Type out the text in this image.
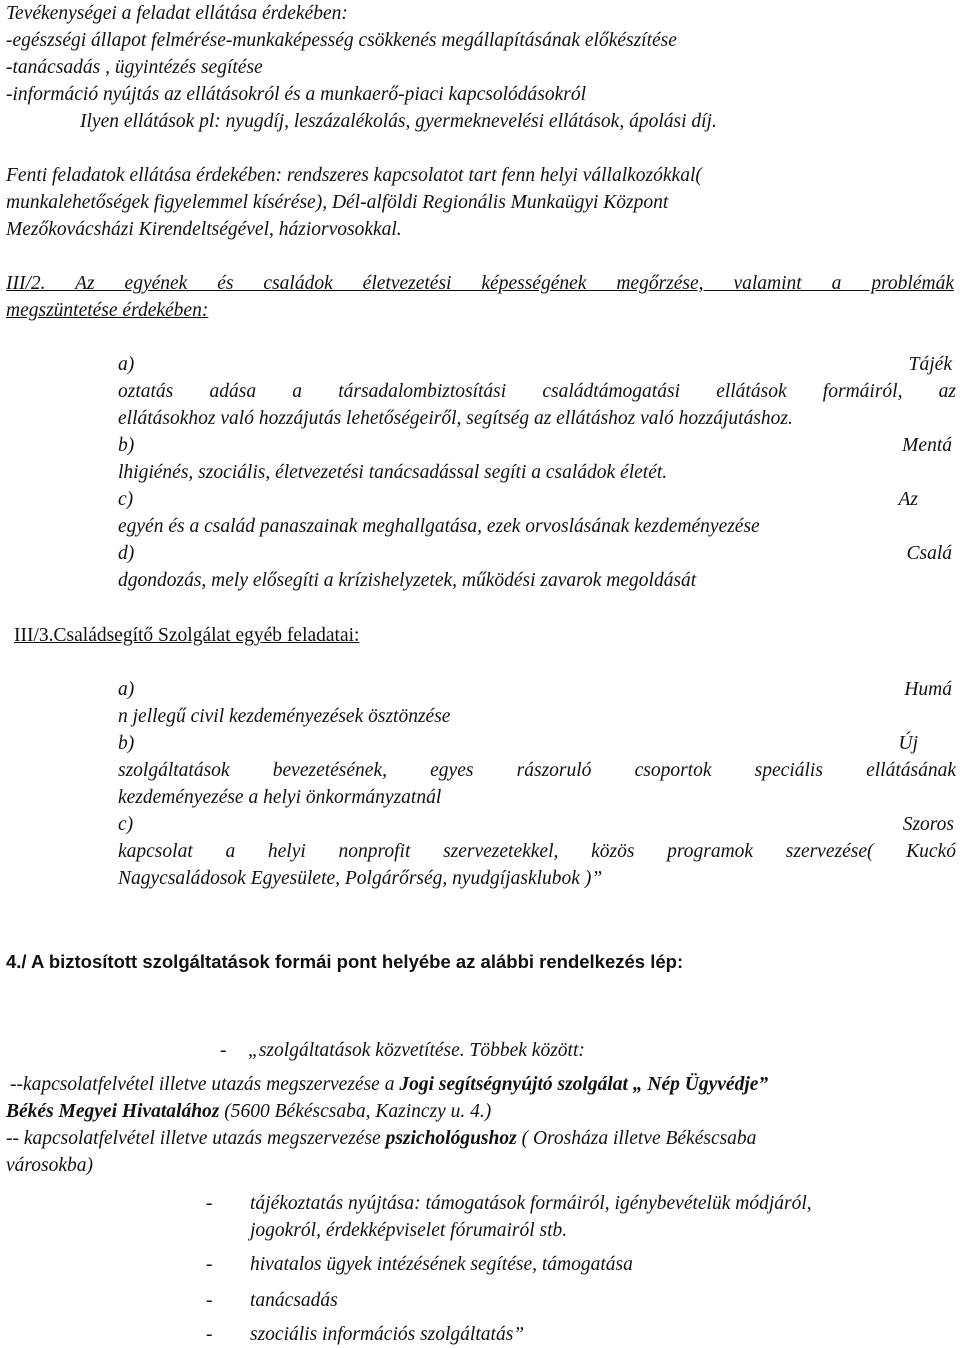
Tevékenységei a feladat ellátása érdekében:
-egészségi állapot felmérése-munkaképesség csökkenés megállapításának előkészítése
-tanácsadás , ügyintézés segítése
-információ nyújtás az ellátásokról és a munkaerő-piaci kapcsolódásokról
Ilyen ellátások pl: nyugdíj, leszázalékolás, gyermeknevelési ellátások, ápolási díj.
Fenti feladatok ellátása érdekében: rendszeres kapcsolatot tart fenn helyi vállalkozókkal(
munkalehetőségek figyelemmel kísérése), Dél-alföldi Regionális Munkaügyi Központ
Mezőkovácsházi Kirendeltségével, háziorvosokkal.
III/2. Az egyének és családok életvezetési képességének megőrzése, valamint a problémák
megszüntetése érdekében:
a)	Tájék
oztatás adása a társadalombiztosítási családtámogatási ellátások formáiról, az
ellátásokhoz való hozzájutás lehetőségeiről, segítség az ellátáshoz való hozzájutáshoz.
b)	Mentá
lhigiénés, szociális, életvezetési tanácsadással segíti a családok életét.
c)	Az
egyén és a család panaszainak meghallgatása, ezek orvoslásának kezdeményezése
d)	Csalá
dgondozás, mely elősegíti a krízishelyzetek, működési zavarok megoldását
III/3.Családsegítő Szolgálat egyéb feladatai:
a)	Humá
n jellegű civil kezdeményezések ösztönzése
b)	Új
szolgáltatások bevezetésének, egyes rászoruló csoportok speciális ellátásának
kezdeményezése a helyi önkormányzatnál
c)	Szoros
kapcsolat a helyi nonprofit szervezetekkel, közös programok szervezése( Kuckó
Nagycsaládosok Egyesülete, Polgárőrség, nyudgíjasklubok )”
4./ A biztosított szolgáltatások formái pont helyébe az alábbi rendelkezés lép:
- „szolgáltatások közvetítése. Többek között:
--kapcsolatfelvétel illetve utazás megszervezése a Jogi segítségnyújtó szolgálat „ Nép Ügyvédje”
Békés Megyei Hivatalához (5600 Békéscsaba, Kazinczy u. 4.)
-- kapcsolatfelvétel illetve utazás megszervezése pszichológushoz ( Orosháza illetve Békéscsaba
városokba)
- tájékoztatás nyújtása: támogatások formáiról, igénybevételük módjáról,
jogokról, érdekképviselet fórumairól stb.
- hivatalos ügyek intézésének segítése, támogatása
- tanácsadás
- szociális információs szolgáltatás”
